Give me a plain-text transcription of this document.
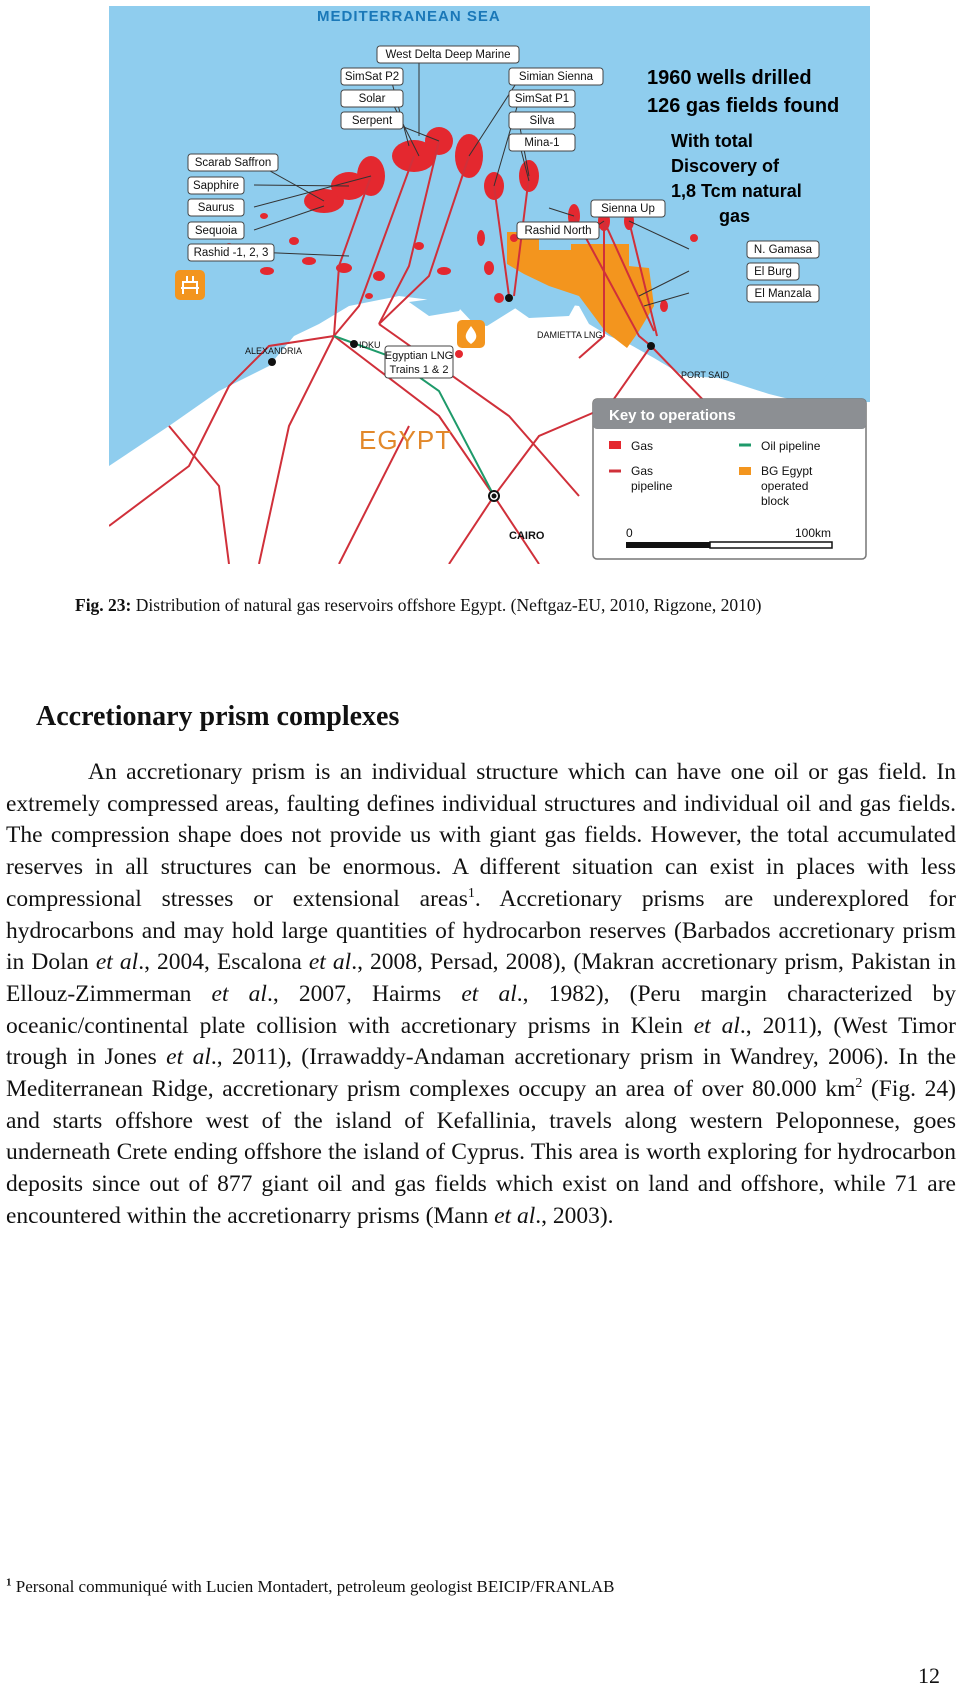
West Delta Deep Marine
SimSat P2
Solar
Serpent
Simian Sienna
SimSat P1
Silva
Mina-1
Scarab Saffron
Sapphire
Saurus
Sequoia
Rashid -1, 2, 3
Sienna Up
Rashid North
N. Gamasa
El Burg
El Manzala
MEDITERRANEAN SEA
EGYPT
ALEXANDRIA
IDKU
DAMIETTA LNG
PORT SAID
CAIRO
Egyptian LNG
Trains 1 & 2
1960 wells drilled
126 gas fields found
With total
Discovery of
1,8 Tcm natural
gas
Key to operations
Gas
Gas
pipeline
Oil pipeline
BG Egypt
operated
block
0	100km
Fig. 23: Distribution of natural gas reservoirs offshore Egypt. (Neftgaz-EU, 2010, Rigzone, 2010)
Accretionary prism complexes

An accretionary prism is an individual structure which can have one oil or gas field. In extremely compressed areas, faulting defines individual structures and individual oil and gas fields. The compression shape does not provide us with giant gas fields. However, the total accumulated reserves in all structures can be enormous. A different situation can exist in places with less compressional stresses or extensional areas$^1$. Accretionary prisms are underexplored for hydrocarbons and may hold large quantities of hydrocarbon reserves (Barbados accretionary prism in Dolan et al., 2004, Escalona et al., 2008, Persad, 2008), (Makran accretionary prism, Pakistan in Ellouz-Zimmerman et al., 2007, Hairms et al., 1982), (Peru margin characterized by oceanic/continental plate collision with accretionary prisms in Klein et al., 2011), (West Timor trough in Jones et al., 2011), (Irrawaddy-Andaman accretionary prism in Wandrey, 2006). In the Mediterranean Ridge, accretionary prism complexes occupy an area of over 80.000 $km^2$ (Fig. 24) and starts offshore west of the island of Kefallinia, travels along western Peloponnese, goes underneath Crete ending offshore the island of Cyprus. This area is worth exploring for hydrocarbon deposits since out of 877 giant oil and gas fields which exist on land and offshore, while 71 are encountered within the accretionarry prisms (Mann et al., 2003).

$^1$ Personal communiqué with Lucien Montadert, petroleum geologist BEICIP/FRANLAB
12
